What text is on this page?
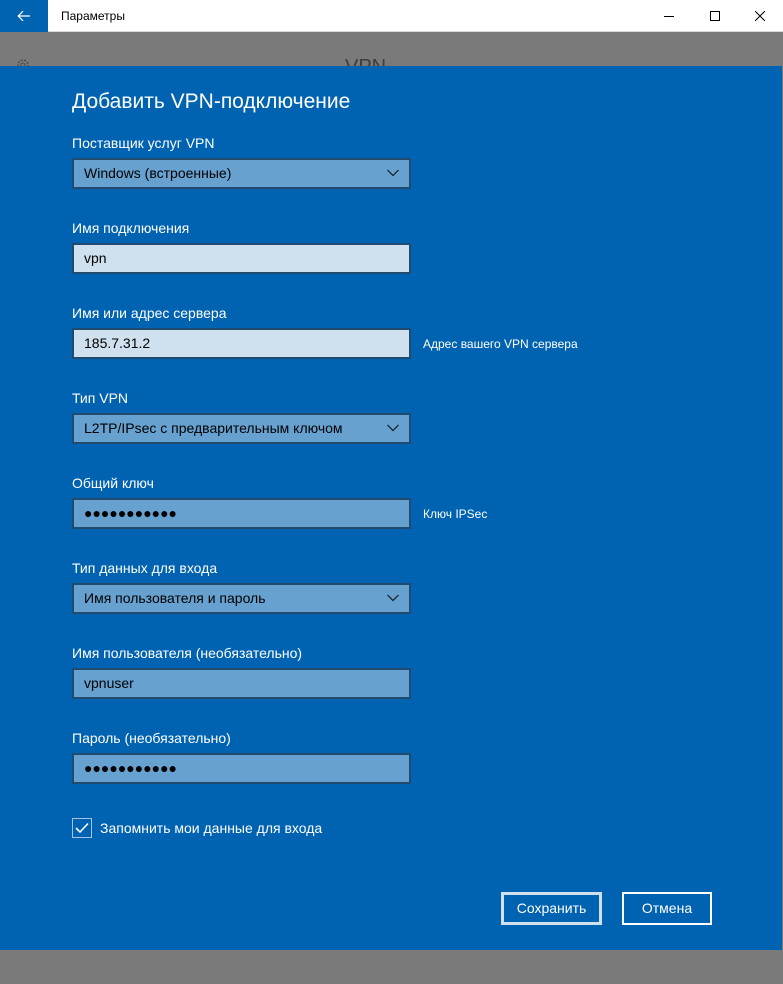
Параметры
Добавить VPN-подключение
Поставщик услуг VPN
Windows (встроенные)
Имя подключения
vpn
Имя или адрес сервера
185.7.31.2	Адрес вашего VPN сервера
Тип VPN
L2TP/IPsec с предварительным ключом
Общий ключ
●●●●●●●●●●●	Ключ IPSec
Тип данных для входа
Имя пользователя и пароль
Имя пользователя (необязательно)
vpnuser
Пароль (необязательно)
●●●●●●●●●●●
Запомнить мои данные для входа
Сохранить	Отмена
